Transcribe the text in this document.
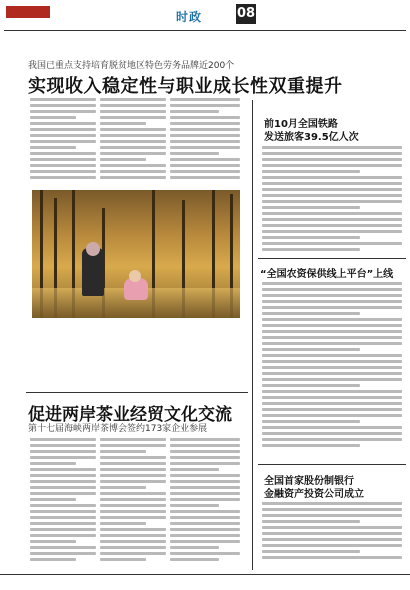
时政	08
我国已重点支持培育脱贫地区特色劳务品牌近200个
实现收入稳定性与职业成长性双重提升
前10月全国铁路
发送旅客39.5亿人次
“全国农资保供线上平台”上线
全国首家股份制银行
金融资产投资公司成立
促进两岸茶业经贸文化交流
第十七届海峡两岸茶博会签约173家企业参展
